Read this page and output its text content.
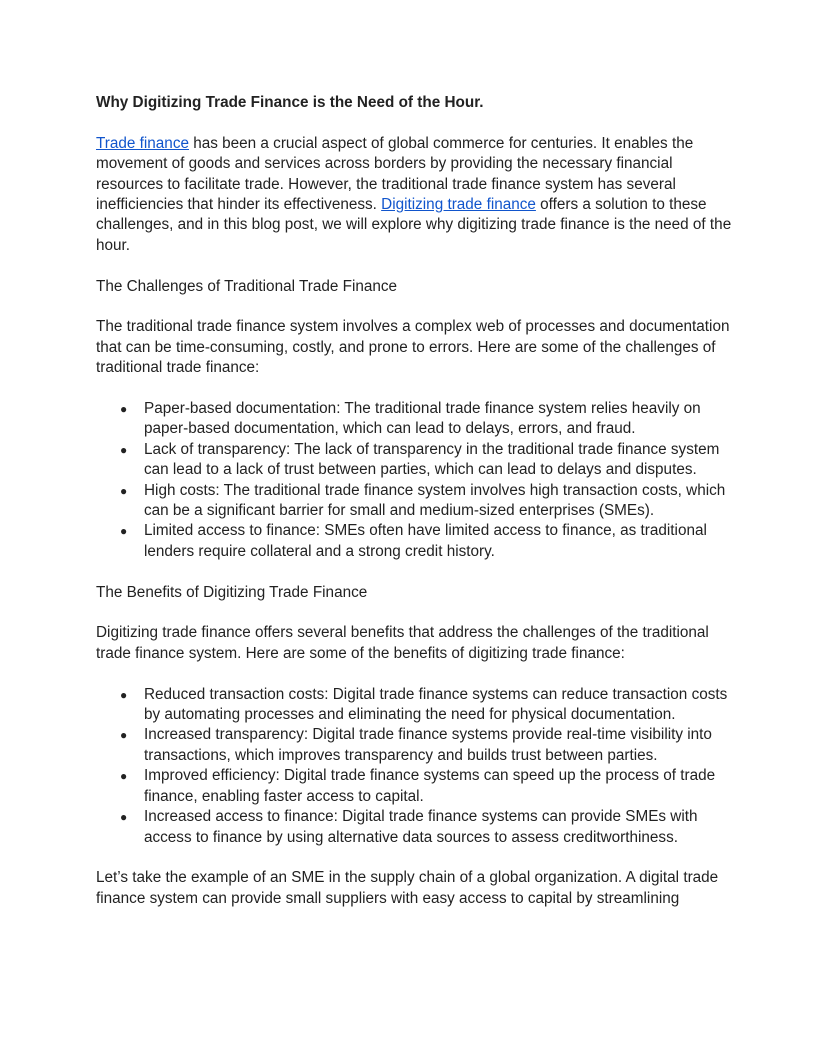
Why Digitizing Trade Finance is the Need of the Hour.

Trade finance has been a crucial aspect of global commerce for centuries. It enables the movement of goods and services across borders by providing the necessary financial resources to facilitate trade. However, the traditional trade finance system has several inefficiencies that hinder its effectiveness. Digitizing trade finance offers a solution to these challenges, and in this blog post, we will explore why digitizing trade finance is the need of the hour.

The Challenges of Traditional Trade Finance

The traditional trade finance system involves a complex web of processes and documentation that can be time-consuming, costly, and prone to errors. Here are some of the challenges of traditional trade finance:

● Paper-based documentation: The traditional trade finance system relies heavily on paper-based documentation, which can lead to delays, errors, and fraud.
● Lack of transparency: The lack of transparency in the traditional trade finance system can lead to a lack of trust between parties, which can lead to delays and disputes.
● High costs: The traditional trade finance system involves high transaction costs, which can be a significant barrier for small and medium-sized enterprises (SMEs).
● Limited access to finance: SMEs often have limited access to finance, as traditional lenders require collateral and a strong credit history.

The Benefits of Digitizing Trade Finance

Digitizing trade finance offers several benefits that address the challenges of the traditional trade finance system. Here are some of the benefits of digitizing trade finance:

● Reduced transaction costs: Digital trade finance systems can reduce transaction costs by automating processes and eliminating the need for physical documentation.
● Increased transparency: Digital trade finance systems provide real-time visibility into transactions, which improves transparency and builds trust between parties.
● Improved efficiency: Digital trade finance systems can speed up the process of trade finance, enabling faster access to capital.
● Increased access to finance: Digital trade finance systems can provide SMEs with access to finance by using alternative data sources to assess creditworthiness.

Let’s take the example of an SME in the supply chain of a global organization. A digital trade finance system can provide small suppliers with easy access to capital by streamlining
